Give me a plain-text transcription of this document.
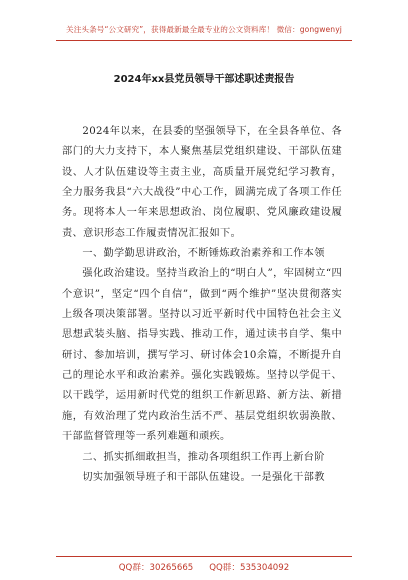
关注头条号“公文研究”，获得最新最全最专业的公文资料库！ 微信：gongwenyj
2024年xx县党员领导干部述职述责报告

2024年以来，在县委的坚强领导下，在全县各单位、各部门的大力支持下，本人聚焦基层党组织建设、干部队伍建设、人才队伍建设等主责主业，高质量开展党纪学习教育，全力服务我县“六大战役”中心工作，圆满完成了各项工作任务。现将本人一年来思想政治、岗位履职、党风廉政建设履责、意识形态工作履责情况汇报如下。

一、勤学勤思讲政治，不断锤炼政治素养和工作本领

强化政治建设。坚持当政治上的“明白人”，牢固树立“四个意识”，坚定“四个自信”，做到“两个维护”坚决贯彻落实上级各项决策部署。坚持以习近平新时代中国特色社会主义思想武装头脑、指导实践、推动工作，通过读书自学、集中研讨、参加培训，撰写学习、研讨体会10余篇，不断提升自己的理论水平和政治素养。强化实践锻炼。坚持以学促干、以干践学，运用新时代党的组织工作新思路、新方法、新措施，有效治理了党内政治生活不严、基层党组织软弱涣散、干部监督管理等一系列难题和顽疾。

二、抓实抓细敢担当，推动各项组织工作再上新台阶

切实加强领导班子和干部队伍建设。一是强化干部教

QQ群：30265665 QQ群：535304092
